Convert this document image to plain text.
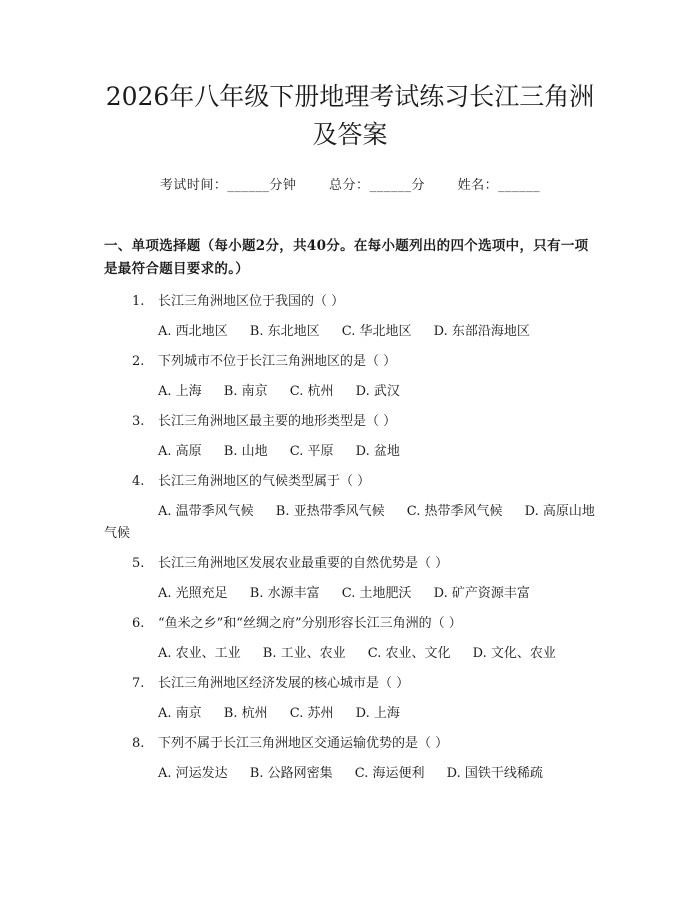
2026年八年级下册地理考试练习长江三角洲
及答案
考试时间：______分钟	总分：______分	姓名：______
一、单项选择题（每小题2分，共40分。在每小题列出的四个选项中，只有一项是最符合题目要求的。）
1.	长江三角洲地区位于我国的（ ）
A. 西北地区 B. 东北地区 C. 华北地区 D. 东部沿海地区
2.	下列城市不位于长江三角洲地区的是（ ）
A. 上海 B. 南京 C. 杭州 D. 武汉
3.	长江三角洲地区最主要的地形类型是（ ）
A. 高原 B. 山地 C. 平原 D. 盆地
4.	长江三角洲地区的气候类型属于（ ）
A. 温带季风气候 B. 亚热带季风气候 C. 热带季风气候 D. 高原山地气候
5.	长江三角洲地区发展农业最重要的自然优势是（ ）
A. 光照充足 B. 水源丰富 C. 土地肥沃 D. 矿产资源丰富
6.	“鱼米之乡”和“丝绸之府”分别形容长江三角洲的（ ）
A. 农业、工业 B. 工业、农业 C. 农业、文化 D. 文化、农业
7.	长江三角洲地区经济发展的核心城市是（ ）
A. 南京 B. 杭州 C. 苏州 D. 上海
8.	下列不属于长江三角洲地区交通运输优势的是（ ）
A. 河运发达 B. 公路网密集 C. 海运便利 D. 国铁干线稀疏
